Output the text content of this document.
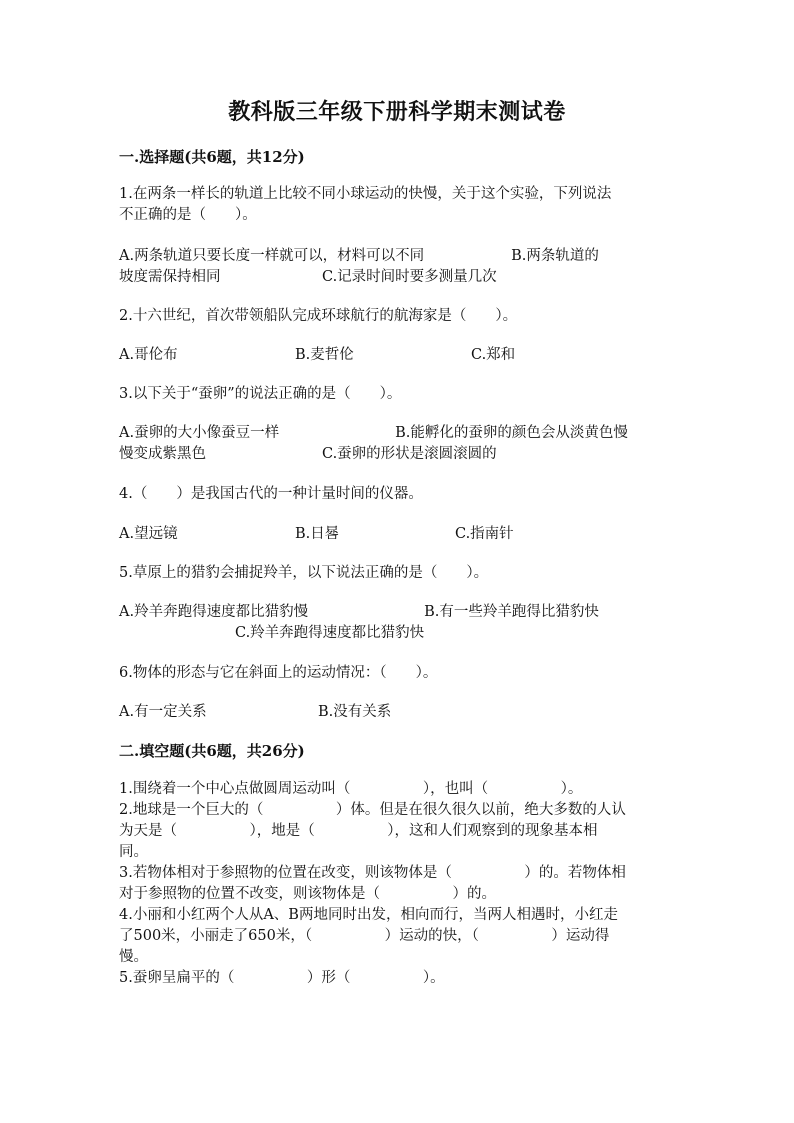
教科版三年级下册科学期末测试卷
一.选择题(共6题，共12分)
1.在两条一样长的轨道上比较不同小球运动的快慢，关于这个实验，下列说法
不正确的是（　　）。
A.两条轨道只要长度一样就可以，材料可以不同　　　　　　B.两条轨道的
坡度需保持相同　　　　　　　C.记录时间时要多测量几次
2.十六世纪，首次带领船队完成环球航行的航海家是（　　）。
A.哥伦布	B.麦哲伦	C.郑和
3.以下关于“蚕卵”的说法正确的是（　　）。
A.蚕卵的大小像蚕豆一样　　　　　　　　B.能孵化的蚕卵的颜色会从淡黄色慢
慢变成紫黑色　　　　　　　　C.蚕卵的形状是滚圆滚圆的
4.（　　）是我国古代的一种计量时间的仪器。
A.望远镜	B.日晷	C.指南针
5.草原上的猎豹会捕捉羚羊，以下说法正确的是（　　）。
A.羚羊奔跑得速度都比猎豹慢　　　　　　　　B.有一些羚羊跑得比猎豹快
　　　　　　　　C.羚羊奔跑得速度都比猎豹快
6.物体的形态与它在斜面上的运动情况：（　　）。
A.有一定关系	B.没有关系
二.填空题(共6题，共26分)
1.围绕着一个中心点做圆周运动叫（　　　　　），也叫（　　　　　）。
2.地球是一个巨大的（　　　　　）体。但是在很久很久以前，绝大多数的人认
为天是（　　　　　），地是（　　　　　），这和人们观察到的现象基本相
同。
3.若物体相对于参照物的位置在改变，则该物体是（　　　　　）的。若物体相
对于参照物的位置不改变，则该物体是（　　　　　）的。
4.小丽和小红两个人从A、B两地同时出发，相向而行，当两人相遇时，小红走
了500米，小丽走了650米，（　　　　　）运动的快，（　　　　　）运动得
慢。
5.蚕卵呈扁平的（　　　　　）形（　　　　　）。
